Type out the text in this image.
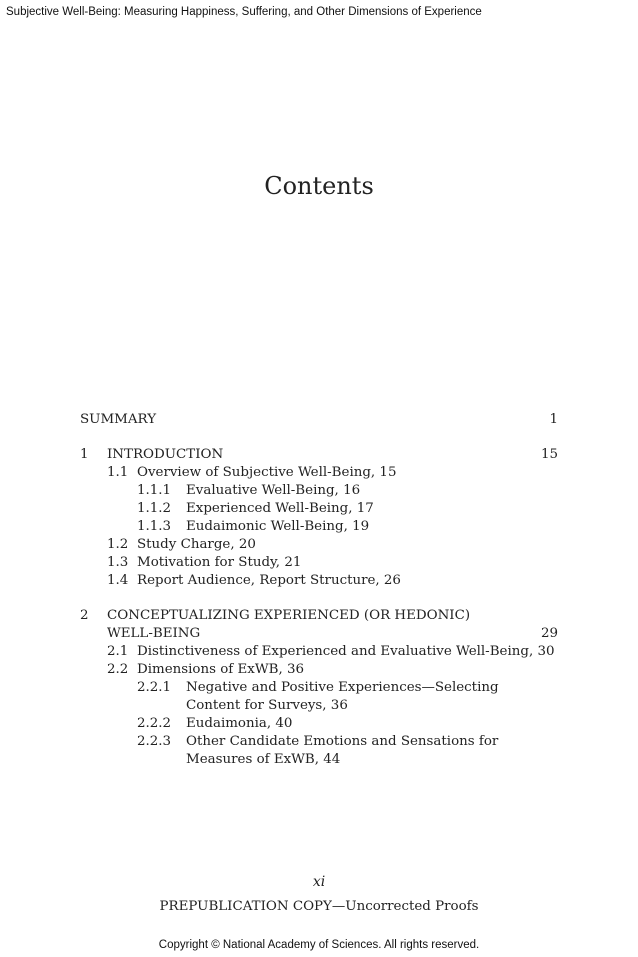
Subjective Well-Being: Measuring Happiness, Suffering, and Other Dimensions of Experience
Contents
SUMMARY	1
1 INTRODUCTION	15
1.1 Overview of Subjective Well-Being, 15
1.1.1 Evaluative Well-Being, 16
1.1.2 Experienced Well-Being, 17
1.1.3 Eudaimonic Well-Being, 19
1.2 Study Charge, 20
1.3 Motivation for Study, 21
1.4 Report Audience, Report Structure, 26
2 CONCEPTUALIZING EXPERIENCED (OR HEDONIC)
WELL-BEING	29
2.1 Distinctiveness of Experienced and Evaluative Well-Being, 30
2.2 Dimensions of ExWB, 36
2.2.1 Negative and Positive Experiences—Selecting
Content for Surveys, 36
2.2.2 Eudaimonia, 40
2.2.3 Other Candidate Emotions and Sensations for
Measures of ExWB, 44
xi
PREPUBLICATION COPY—Uncorrected Proofs
Copyright © National Academy of Sciences. All rights reserved.
